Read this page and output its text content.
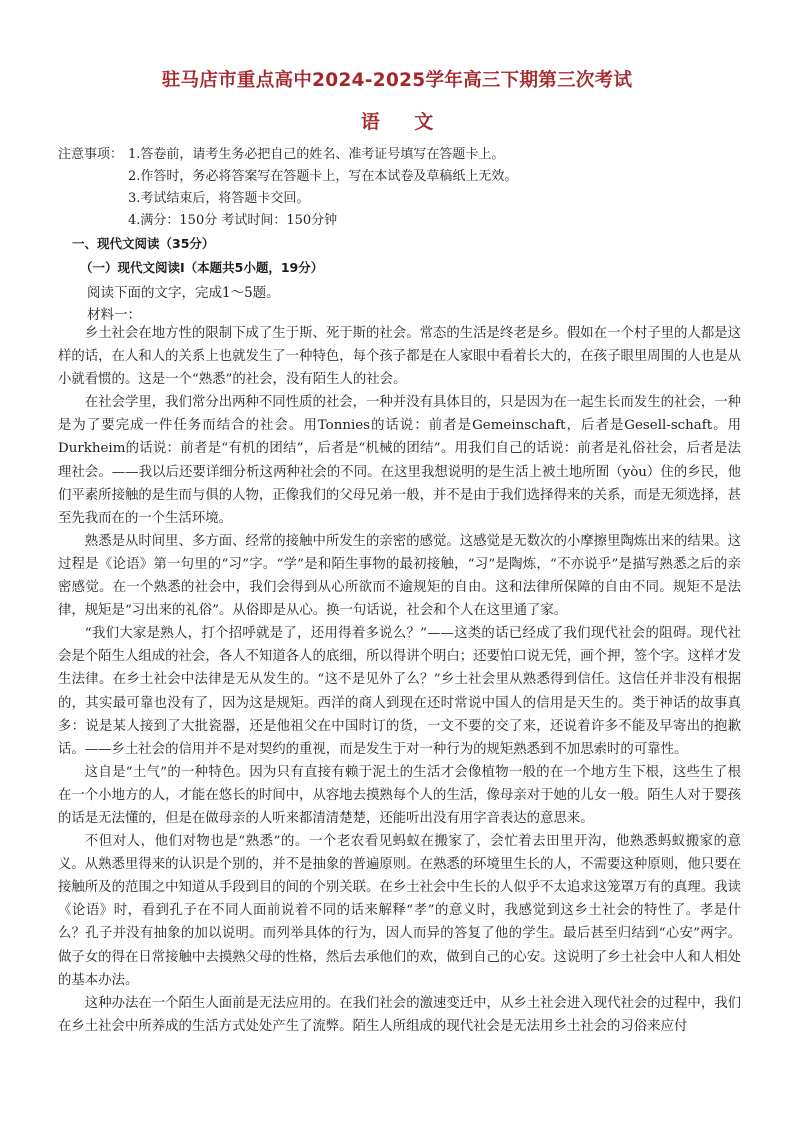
驻马店市重点高中2024-2025学年高三下期第三次考试
语 文
注意事项： 1.答卷前，请考生务必把自己的姓名、准考证号填写在答题卡上。
2.作答时，务必将答案写在答题卡上，写在本试卷及草稿纸上无效。
3.考试结束后，将答题卡交回。
4.满分：150分 考试时间：150分钟
一、现代文阅读（35分）
（一）现代文阅读Ⅰ（本题共5小题，19分）
阅读下面的文字，完成1～5题。
材料一：

乡土社会在地方性的限制下成了生于斯、死于斯的社会。常态的生活是终老是乡。假如在一个村子里的人都是这样的话，在人和人的关系上也就发生了一种特色，每个孩子都是在人家眼中看着长大的，在孩子眼里周围的人也是从小就看惯的。这是一个“熟悉”的社会，没有陌生人的社会。

在社会学里，我们常分出两种不同性质的社会，一种并没有具体目的，只是因为在一起生长而发生的社会，一种是为了要完成一件任务而结合的社会。用Tonnies的话说：前者是Gemeinschaft，后者是Gesell-schaft。用Durkheim的话说：前者是“有机的团结”，后者是“机械的团结”。用我们自己的话说：前者是礼俗社会，后者是法理社会。——我以后还要详细分析这两种社会的不同。在这里我想说明的是生活上被土地所囿（yòu）住的乡民，他们平素所接触的是生而与俱的人物，正像我们的父母兄弟一般，并不是由于我们选择得来的关系，而是无须选择，甚至先我而在的一个生活环境。

熟悉是从时间里、多方面、经常的接触中所发生的亲密的感觉。这感觉是无数次的小摩擦里陶炼出来的结果。这过程是《论语》第一句里的“习”字。“学”是和陌生事物的最初接触，“习”是陶炼，“不亦说乎”是描写熟悉之后的亲密感觉。在一个熟悉的社会中，我们会得到从心所欲而不逾规矩的自由。这和法律所保障的自由不同。规矩不是法律，规矩是“习出来的礼俗”。从俗即是从心。换一句话说，社会和个人在这里通了家。

“我们大家是熟人，打个招呼就是了，还用得着多说么？”——这类的话已经成了我们现代社会的阻碍。现代社会是个陌生人组成的社会，各人不知道各人的底细，所以得讲个明白；还要怕口说无凭，画个押，签个字。这样才发生法律。在乡土社会中法律是无从发生的。“这不是见外了么？”乡土社会里从熟悉得到信任。这信任并非没有根据的，其实最可靠也没有了，因为这是规矩。西洋的商人到现在还时常说中国人的信用是天生的。类于神话的故事真多：说是某人接到了大批瓷器，还是他祖父在中国时订的货，一文不要的交了来，还说着许多不能及早寄出的抱歉话。——乡土社会的信用并不是对契约的重视，而是发生于对一种行为的规矩熟悉到不加思索时的可靠性。

这自是“土气”的一种特色。因为只有直接有赖于泥土的生活才会像植物一般的在一个地方生下根，这些生了根在一个小地方的人，才能在悠长的时间中，从容地去摸熟每个人的生活，像母亲对于她的儿女一般。陌生人对于婴孩的话是无法懂的，但是在做母亲的人听来都清清楚楚，还能听出没有用字音表达的意思来。

不但对人，他们对物也是“熟悉”的。一个老农看见蚂蚁在搬家了，会忙着去田里开沟，他熟悉蚂蚁搬家的意义。从熟悉里得来的认识是个别的，并不是抽象的普遍原则。在熟悉的环境里生长的人，不需要这种原则，他只要在接触所及的范围之中知道从手段到目的间的个别关联。在乡土社会中生长的人似乎不太追求这笼罩万有的真理。我读《论语》时，看到孔子在不同人面前说着不同的话来解释“孝”的意义时，我感觉到这乡土社会的特性了。孝是什么？孔子并没有抽象的加以说明。而列举具体的行为，因人而异的答复了他的学生。最后甚至归结到“心安”两字。做子女的得在日常接触中去摸熟父母的性格，然后去承他们的欢，做到自己的心安。这说明了乡土社会中人和人相处的基本办法。

这种办法在一个陌生人面前是无法应用的。在我们社会的激速变迁中，从乡土社会进入现代社会的过程中，我们在乡土社会中所养成的生活方式处处产生了流弊。陌生人所组成的现代社会是无法用乡土社会的习俗来应付
